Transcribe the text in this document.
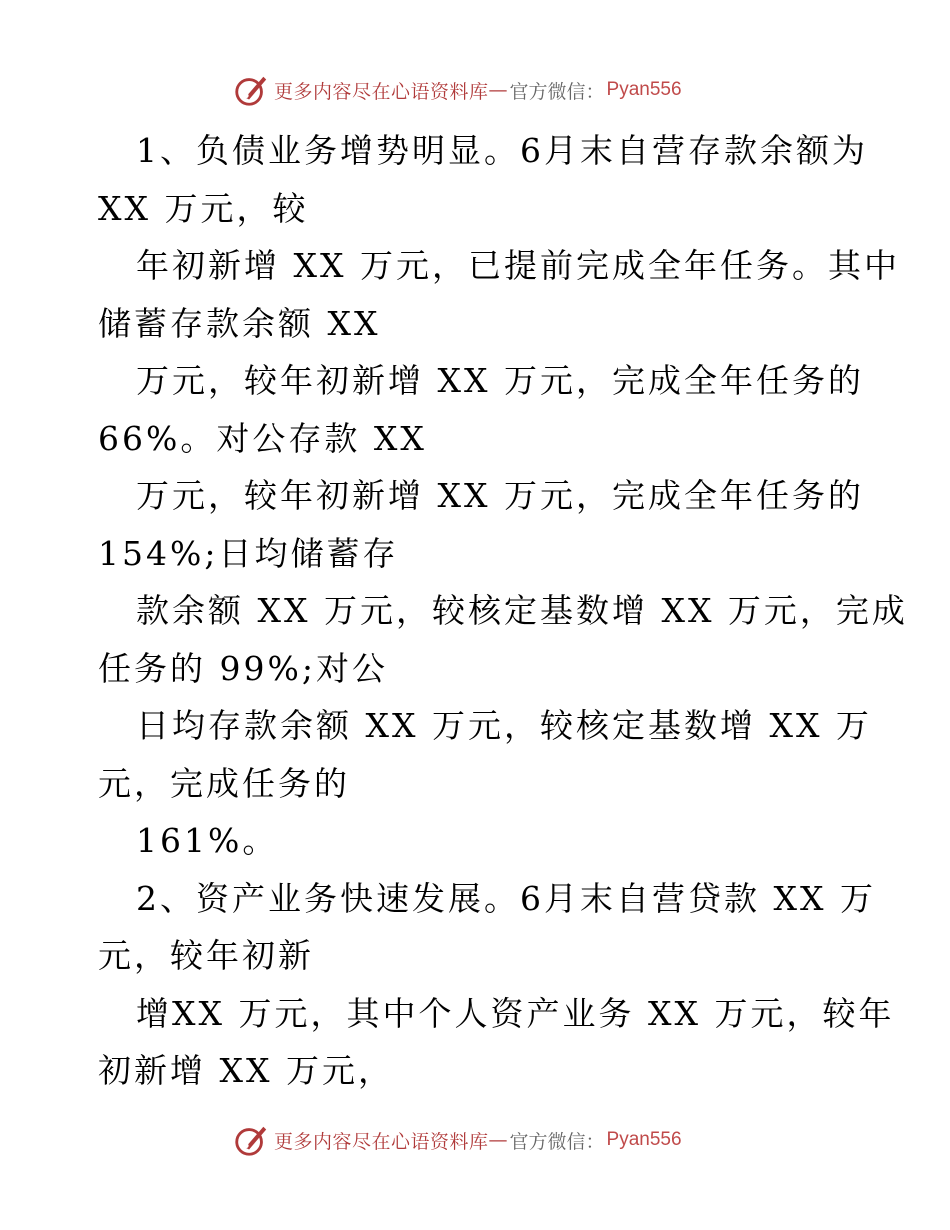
更多内容尽在心语资料库 — 官方微信： Pyan556
1、负债业务增势明显。6月末自营存款余额为
XX 万元，较
年初新增 XX 万元，已提前完成全年任务。其中
储蓄存款余额 XX
万元，较年初新增 XX 万元，完成全年任务的
66%。对公存款 XX
万元，较年初新增 XX 万元，完成全年任务的
154%;日均储蓄存
款余额 XX 万元，较核定基数增 XX 万元，完成
任务的 99%;对公
日均存款余额 XX 万元，较核定基数增 XX 万
元，完成任务的
161%。
2、资产业务快速发展。6月末自营贷款 XX 万
元，较年初新
增XX 万元，其中个人资产业务 XX 万元，较年
初新增 XX 万元，
更多内容尽在心语资料库 — 官方微信： Pyan556
